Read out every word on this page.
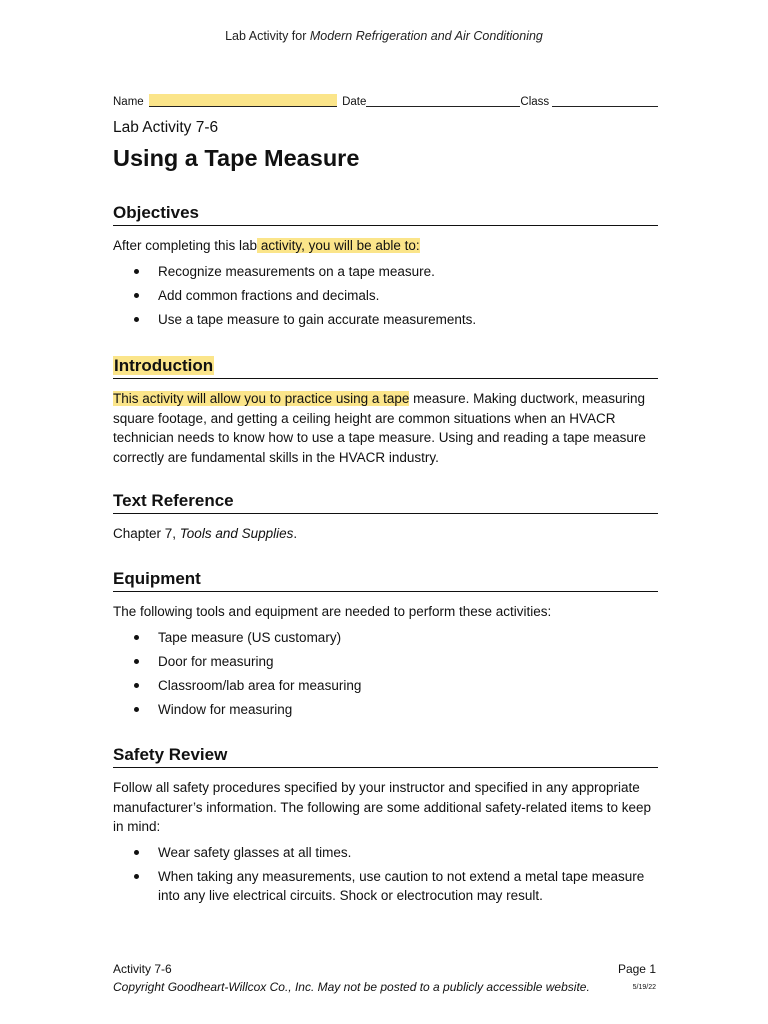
Lab Activity for Modern Refrigeration and Air Conditioning
Name	Date	Class
Lab Activity 7-6
Using a Tape Measure
Objectives

After completing this lab activity, you will be able to:

Recognize measurements on a tape measure.
Add common fractions and decimals.
Use a tape measure to gain accurate measurements.
Introduction

This activity will allow you to practice using a tape measure. Making ductwork, measuring square footage, and getting a ceiling height are common situations when an HVACR technician needs to know how to use a tape measure. Using and reading a tape measure correctly are fundamental skills in the HVACR industry.

Text Reference

Chapter 7, Tools and Supplies.

Equipment

The following tools and equipment are needed to perform these activities:

Tape measure (US customary)
Door for measuring
Classroom/lab area for measuring
Window for measuring
Safety Review

Follow all safety procedures specified by your instructor and specified in any appropriate manufacturer’s information. The following are some additional safety-related items to keep in mind:

Wear safety glasses at all times.
When taking any measurements, use caution to not extend a metal tape measure into any live electrical circuits. Shock or electrocution may result.
Activity 7-6	Page 1
Copyright Goodheart-Willcox Co., Inc. May not be posted to a publicly accessible website.	5/19/22
